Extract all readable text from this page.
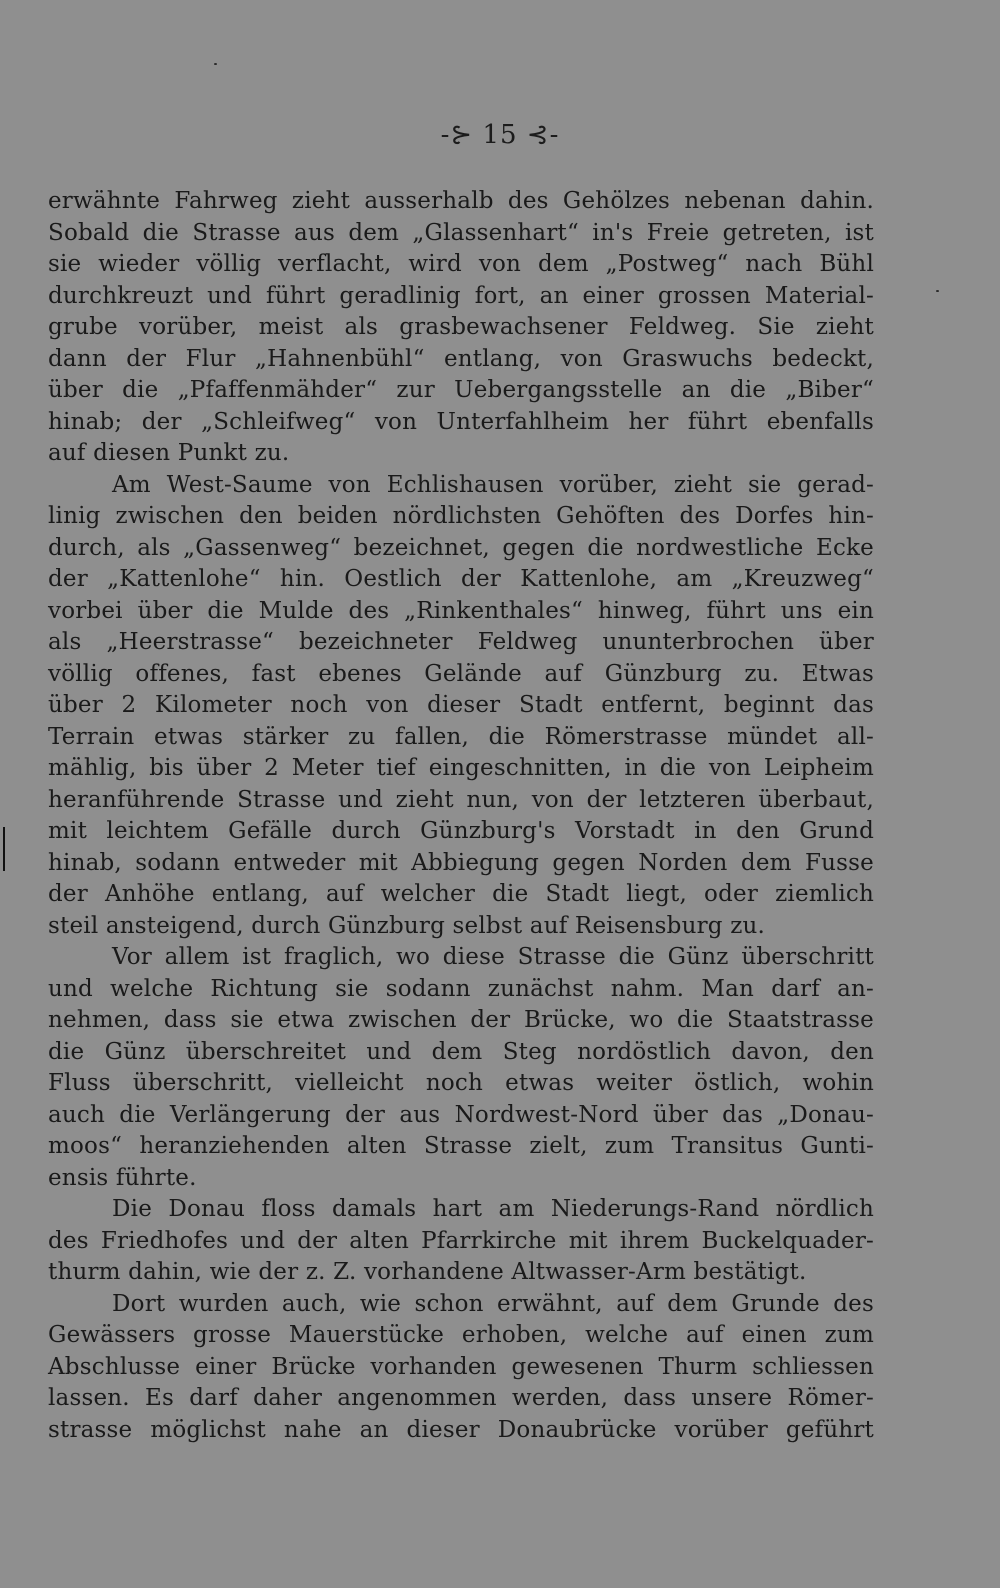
-⊱ 15 ⊰-
erwähnte Fahrweg zieht ausserhalb des Gehölzes nebenan dahin.
Sobald die Strasse aus dem „Glassenhart“ in's Freie getreten, ist
sie wieder völlig verflacht, wird von dem „Postweg“ nach Bühl
durchkreuzt und führt geradlinig fort, an einer grossen Material-
grube vorüber, meist als grasbewachsener Feldweg. Sie zieht
dann der Flur „Hahnenbühl“ entlang, von Graswuchs bedeckt,
über die „Pfaffenmähder“ zur Uebergangsstelle an die „Biber“
hinab; der „Schleifweg“ von Unterfahlheim her führt ebenfalls
auf diesen Punkt zu.
Am West-Saume von Echlishausen vorüber, zieht sie gerad-
linig zwischen den beiden nördlichsten Gehöften des Dorfes hin-
durch, als „Gassenweg“ bezeichnet, gegen die nordwestliche Ecke
der „Kattenlohe“ hin. Oestlich der Kattenlohe, am „Kreuzweg“
vorbei über die Mulde des „Rinkenthales“ hinweg, führt uns ein
als „Heerstrasse“ bezeichneter Feldweg ununterbrochen über
völlig offenes, fast ebenes Gelände auf Günzburg zu. Etwas
über 2 Kilometer noch von dieser Stadt entfernt, beginnt das
Terrain etwas stärker zu fallen, die Römerstrasse mündet all-
mählig, bis über 2 Meter tief eingeschnitten, in die von Leipheim
heranführende Strasse und zieht nun, von der letzteren überbaut,
mit leichtem Gefälle durch Günzburg's Vorstadt in den Grund
hinab, sodann entweder mit Abbiegung gegen Norden dem Fusse
der Anhöhe entlang, auf welcher die Stadt liegt, oder ziemlich
steil ansteigend, durch Günzburg selbst auf Reisensburg zu.
Vor allem ist fraglich, wo diese Strasse die Günz überschritt
und welche Richtung sie sodann zunächst nahm. Man darf an-
nehmen, dass sie etwa zwischen der Brücke, wo die Staatstrasse
die Günz überschreitet und dem Steg nordöstlich davon, den
Fluss überschritt, vielleicht noch etwas weiter östlich, wohin
auch die Verlängerung der aus Nordwest-Nord über das „Donau-
moos“ heranziehenden alten Strasse zielt, zum Transitus Gunti-
ensis führte.
Die Donau floss damals hart am Niederungs-Rand nördlich
des Friedhofes und der alten Pfarrkirche mit ihrem Buckelquader-
thurm dahin, wie der z. Z. vorhandene Altwasser-Arm bestätigt.
Dort wurden auch, wie schon erwähnt, auf dem Grunde des
Gewässers grosse Mauerstücke erhoben, welche auf einen zum
Abschlusse einer Brücke vorhanden gewesenen Thurm schliessen
lassen. Es darf daher angenommen werden, dass unsere Römer-
strasse möglichst nahe an dieser Donaubrücke vorüber geführt
